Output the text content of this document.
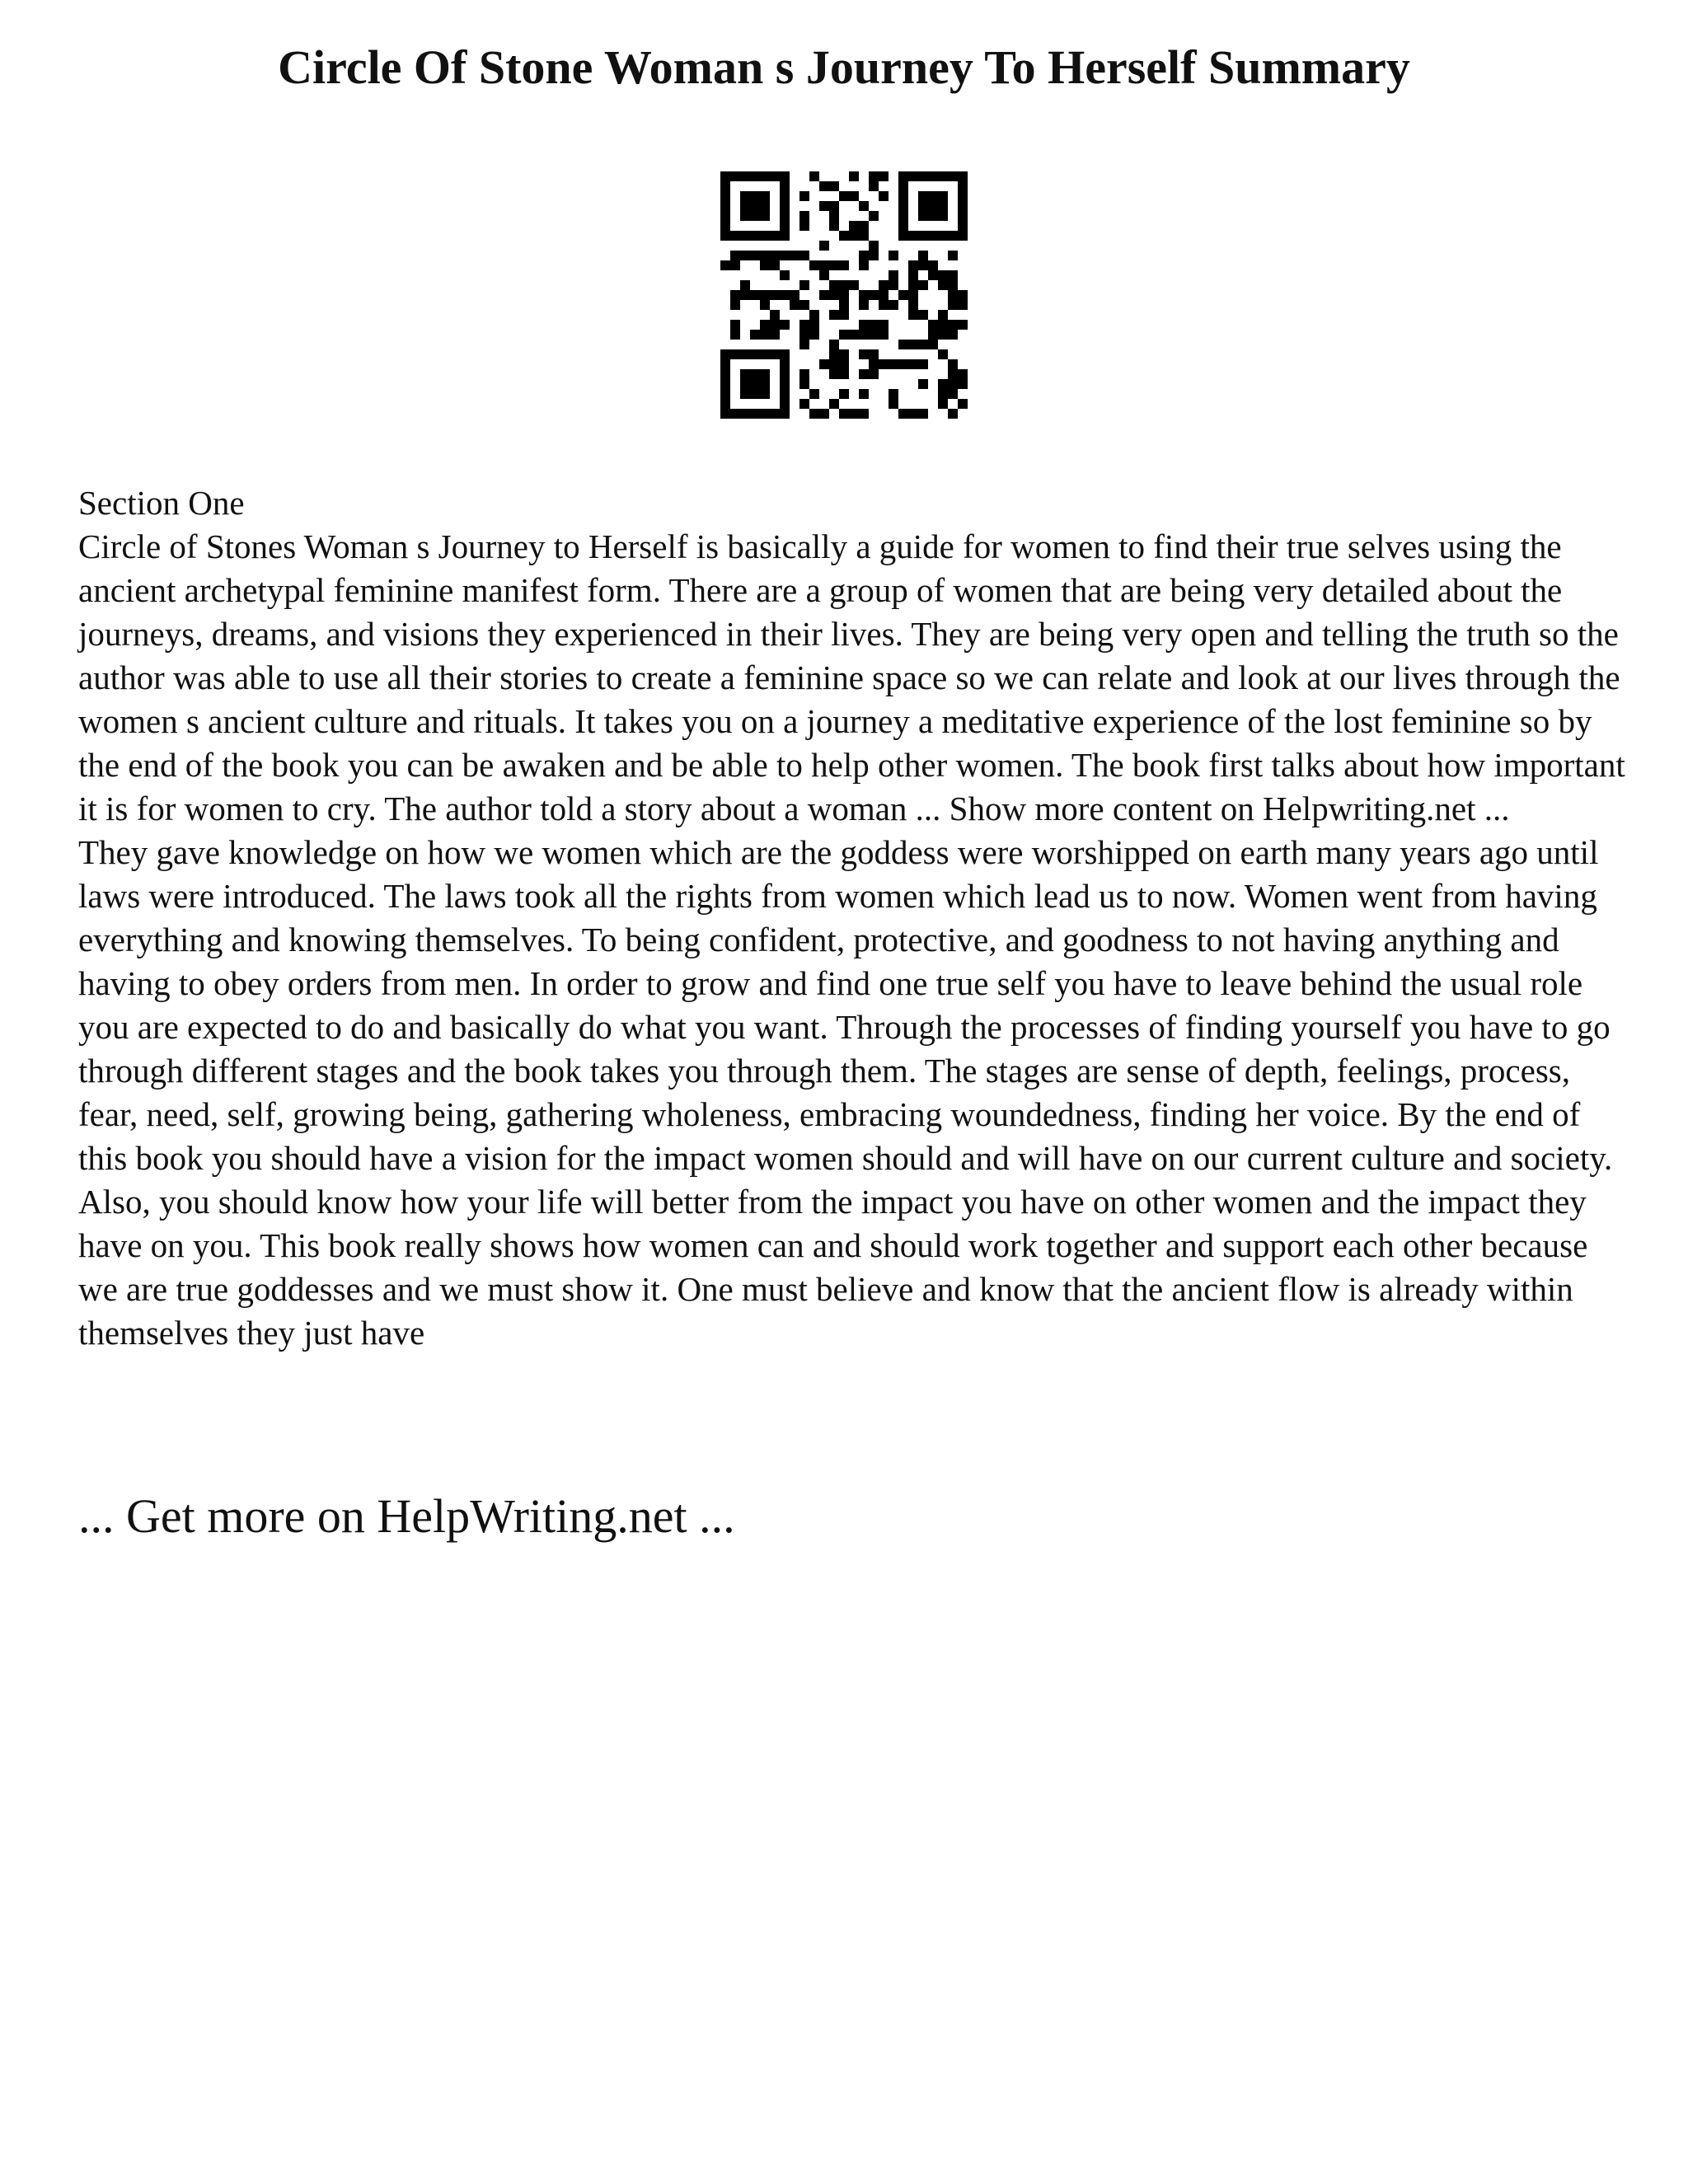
Circle Of Stone Woman s Journey To Herself Summary

Section One

Circle of Stones Woman s Journey to Herself is basically a guide for women to find their true selves using the ancient archetypal feminine manifest form. There are a group of women that are being very detailed about the journeys, dreams, and visions they experienced in their lives. They are being very open and telling the truth so the author was able to use all their stories to create a feminine space so we can relate and look at our lives through the women s ancient culture and rituals. It takes you on a journey a meditative experience of the lost feminine so by the end of the book you can be awaken and be able to help other women. The book first talks about how important it is for women to cry. The author told a story about a woman ... Show more content on Helpwriting.net ...

They gave knowledge on how we women which are the goddess were worshipped on earth many years ago until laws were introduced. The laws took all the rights from women which lead us to now. Women went from having everything and knowing themselves. To being confident, protective, and goodness to not having anything and having to obey orders from men. In order to grow and find one true self you have to leave behind the usual role you are expected to do and basically do what you want. Through the processes of finding yourself you have to go through different stages and the book takes you through them. The stages are sense of depth, feelings, process, fear, need, self, growing being, gathering wholeness, embracing woundedness, finding her voice. By the end of this book you should have a vision for the impact women should and will have on our current culture and society. Also, you should know how your life will better from the impact you have on other women and the impact they have on you. This book really shows how women can and should work together and support each other because we are true goddesses and we must show it. One must believe and know that the ancient flow is already within themselves they just have

... Get more on HelpWriting.net ...
